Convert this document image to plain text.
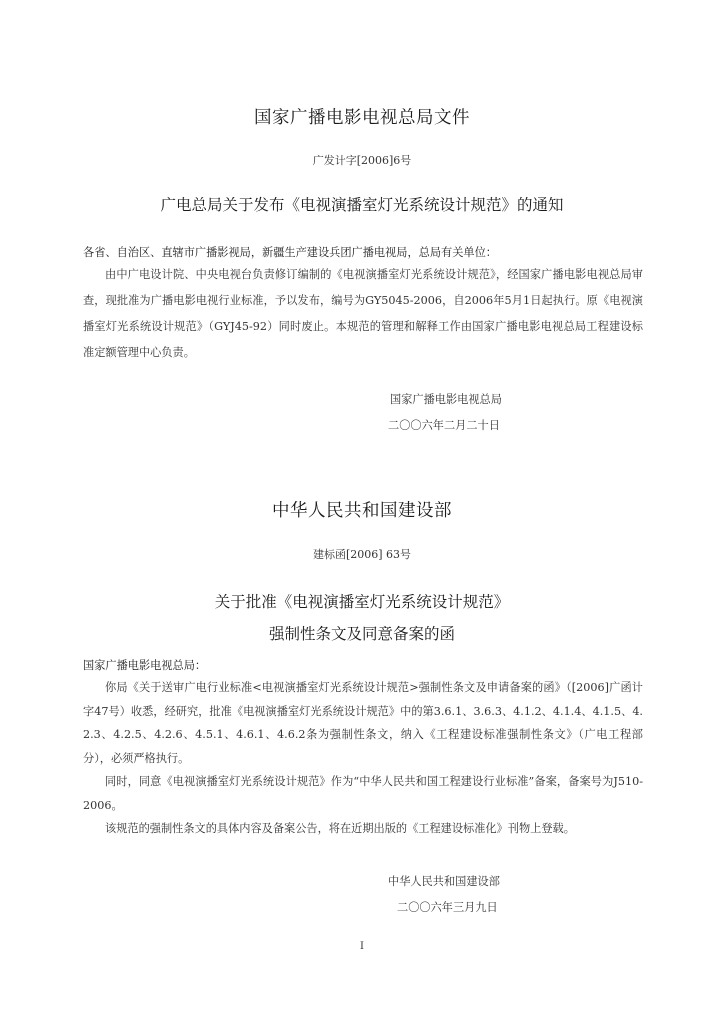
国家广播电影电视总局文件
广发计字[2006]6号
广电总局关于发布《电视演播室灯光系统设计规范》的通知
各省、自治区、直辖市广播影视局，新疆生产建设兵团广播电视局，总局有关单位：
由中广电设计院、中央电视台负责修订编制的《电视演播室灯光系统设计规范》，经国家广播电影电视总局审查，现批准为广播电影电视行业标准，予以发布，编号为GY5045-2006，自2006年5月1日起执行。原《电视演播室灯光系统设计规范》（GYJ45-92）同时废止。本规范的管理和解释工作由国家广播电影电视总局工程建设标准定额管理中心负责。
国家广播电影电视总局
二〇〇六年二月二十日
中华人民共和国建设部
建标函[2006] 63号
关于批准《电视演播室灯光系统设计规范》
强制性条文及同意备案的函
国家广播电影电视总局：
你局《关于送审广电行业标准<电视演播室灯光系统设计规范>强制性条文及申请备案的函》（[2006]广函计字47号）收悉，经研究，批准《电视演播室灯光系统设计规范》中的第3.6.1、3.6.3、4.1.2、4.1.4、4.1.5、4.2.3、4.2.5、4.2.6、4.5.1、4.6.1、4.6.2条为强制性条文，纳入《工程建设标准强制性条文》（广电工程部分），必须严格执行。
同时，同意《电视演播室灯光系统设计规范》作为“中华人民共和国工程建设行业标准”备案，备案号为J510-2006。
该规范的强制性条文的具体内容及备案公告，将在近期出版的《工程建设标准化》刊物上登载。
中华人民共和国建设部
二〇〇六年三月九日
I
